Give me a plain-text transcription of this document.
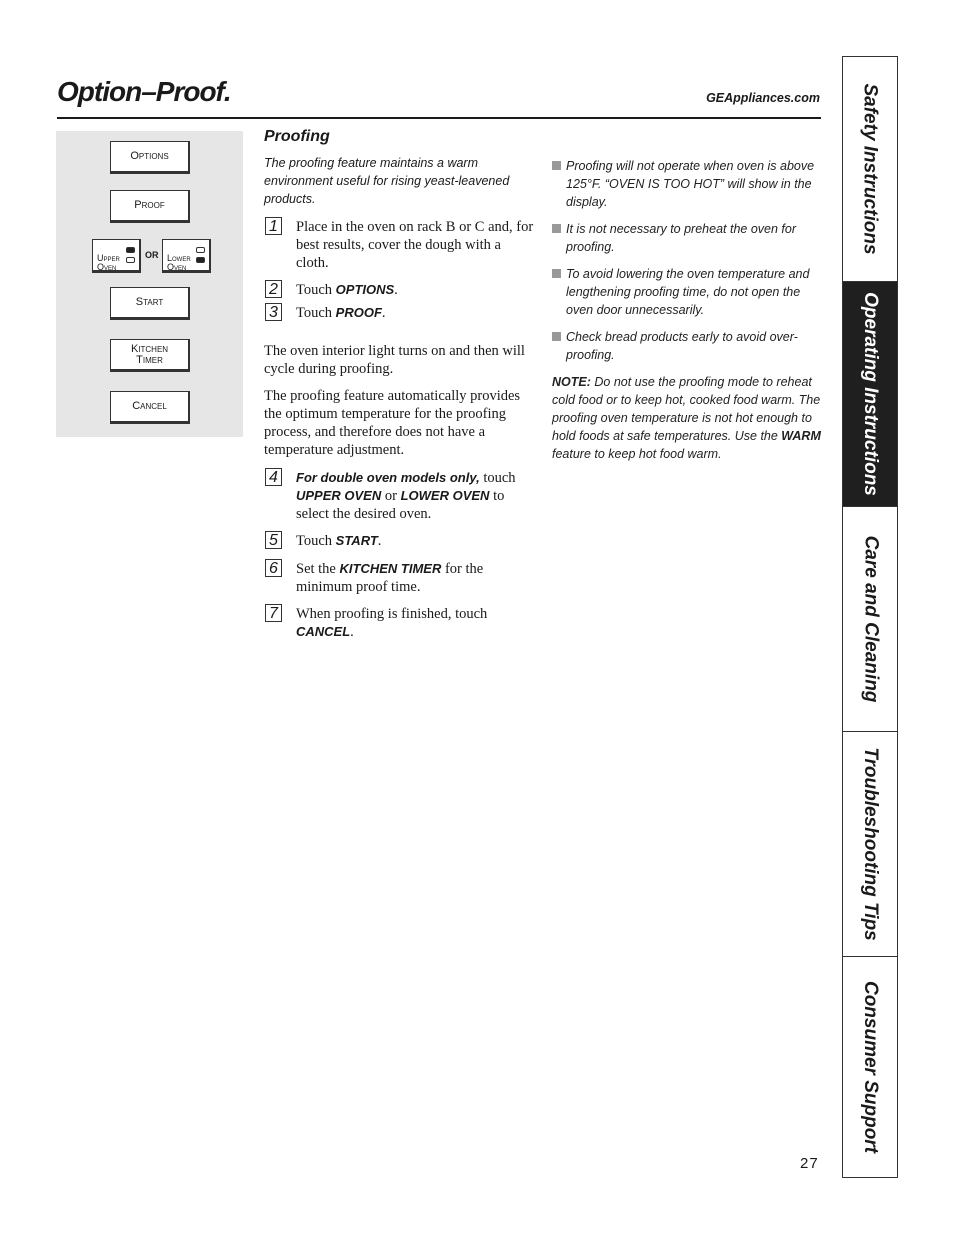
Option–Proof.	GEAppliances.com
Options
Proof

Upper
Oven

OR Lower
Oven

Start
Kitchen
Timer
Cancel
Proofing

The proofing feature maintains a warm environment useful for rising yeast-leavened products.

1 Place in the oven on rack B or C and, for best results, cover the dough with a cloth.
2 Touch OPTIONS.
3 Touch PROOF.

The oven interior light turns on and then will cycle during proofing.

The proofing feature automatically provides the optimum temperature for the proofing process, and therefore does not have a temperature adjustment.

4	For double oven models only, touch UPPER OVEN or LOWER OVEN to select the desired oven.
5 Touch START.
6 Set the KITCHEN TIMER for the minimum proof time.
7 When proofing is finished, touch CANCEL.
Proofing will not operate when oven is above 125°F. “OVEN IS TOO HOT” will show in the display.
It is not necessary to preheat the oven for proofing.
To avoid lowering the oven temperature and lengthening proofing time, do not open the oven door unnecessarily.
Check bread products early to avoid over-proofing.
NOTE: Do not use the proofing mode to reheat cold food or to keep hot, cooked food warm. The proofing oven temperature is not hot enough to hold foods at safe temperatures. Use the WARM feature to keep hot food warm.
27
Safety Instructions
Operating Instructions
Care and Cleaning
Troubleshooting Tips
Consumer Support
